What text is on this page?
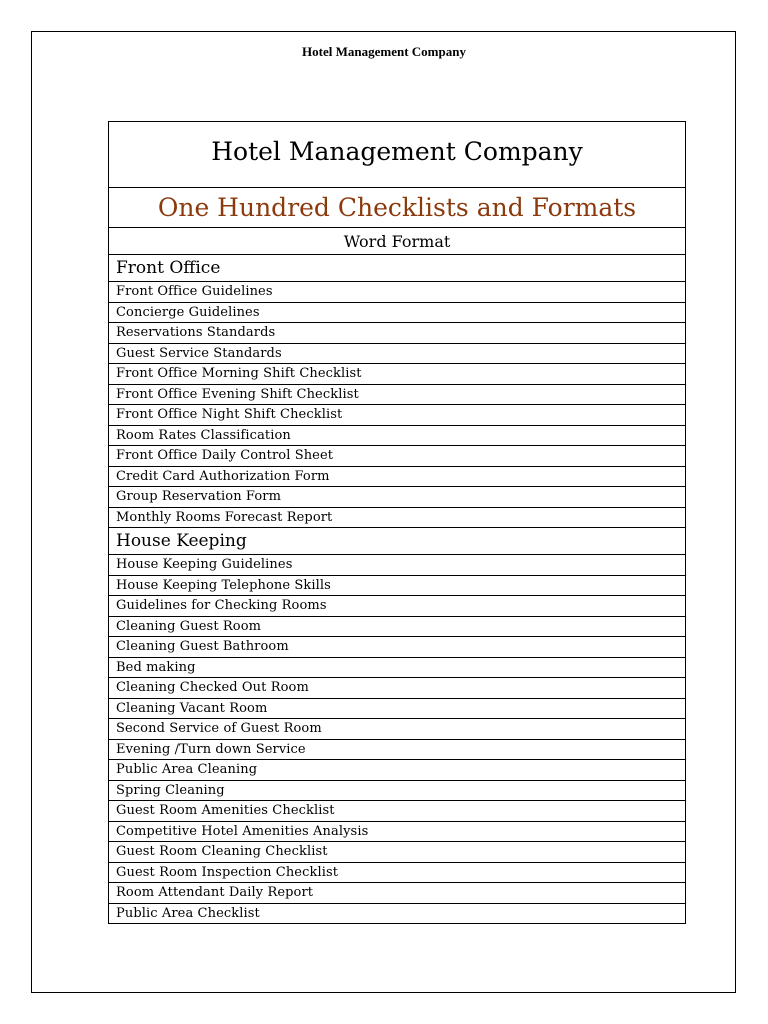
Hotel Management Company
Hotel Management Company
One Hundred Checklists and Formats
Word Format
Front Office
Front Office Guidelines
Concierge Guidelines
Reservations Standards
Guest Service Standards
Front Office Morning Shift Checklist
Front Office Evening Shift Checklist
Front Office Night Shift Checklist
Room Rates Classification
Front Office Daily Control Sheet
Credit Card Authorization Form
Group Reservation Form
Monthly Rooms Forecast Report
House Keeping
House Keeping Guidelines
House Keeping Telephone Skills
Guidelines for Checking Rooms
Cleaning Guest Room
Cleaning Guest Bathroom
Bed making
Cleaning Checked Out Room
Cleaning Vacant Room
Second Service of Guest Room
Evening /Turn down Service
Public Area Cleaning
Spring Cleaning
Guest Room Amenities Checklist
Competitive Hotel Amenities Analysis
Guest Room Cleaning Checklist
Guest Room Inspection Checklist
Room Attendant Daily Report
Public Area Checklist
